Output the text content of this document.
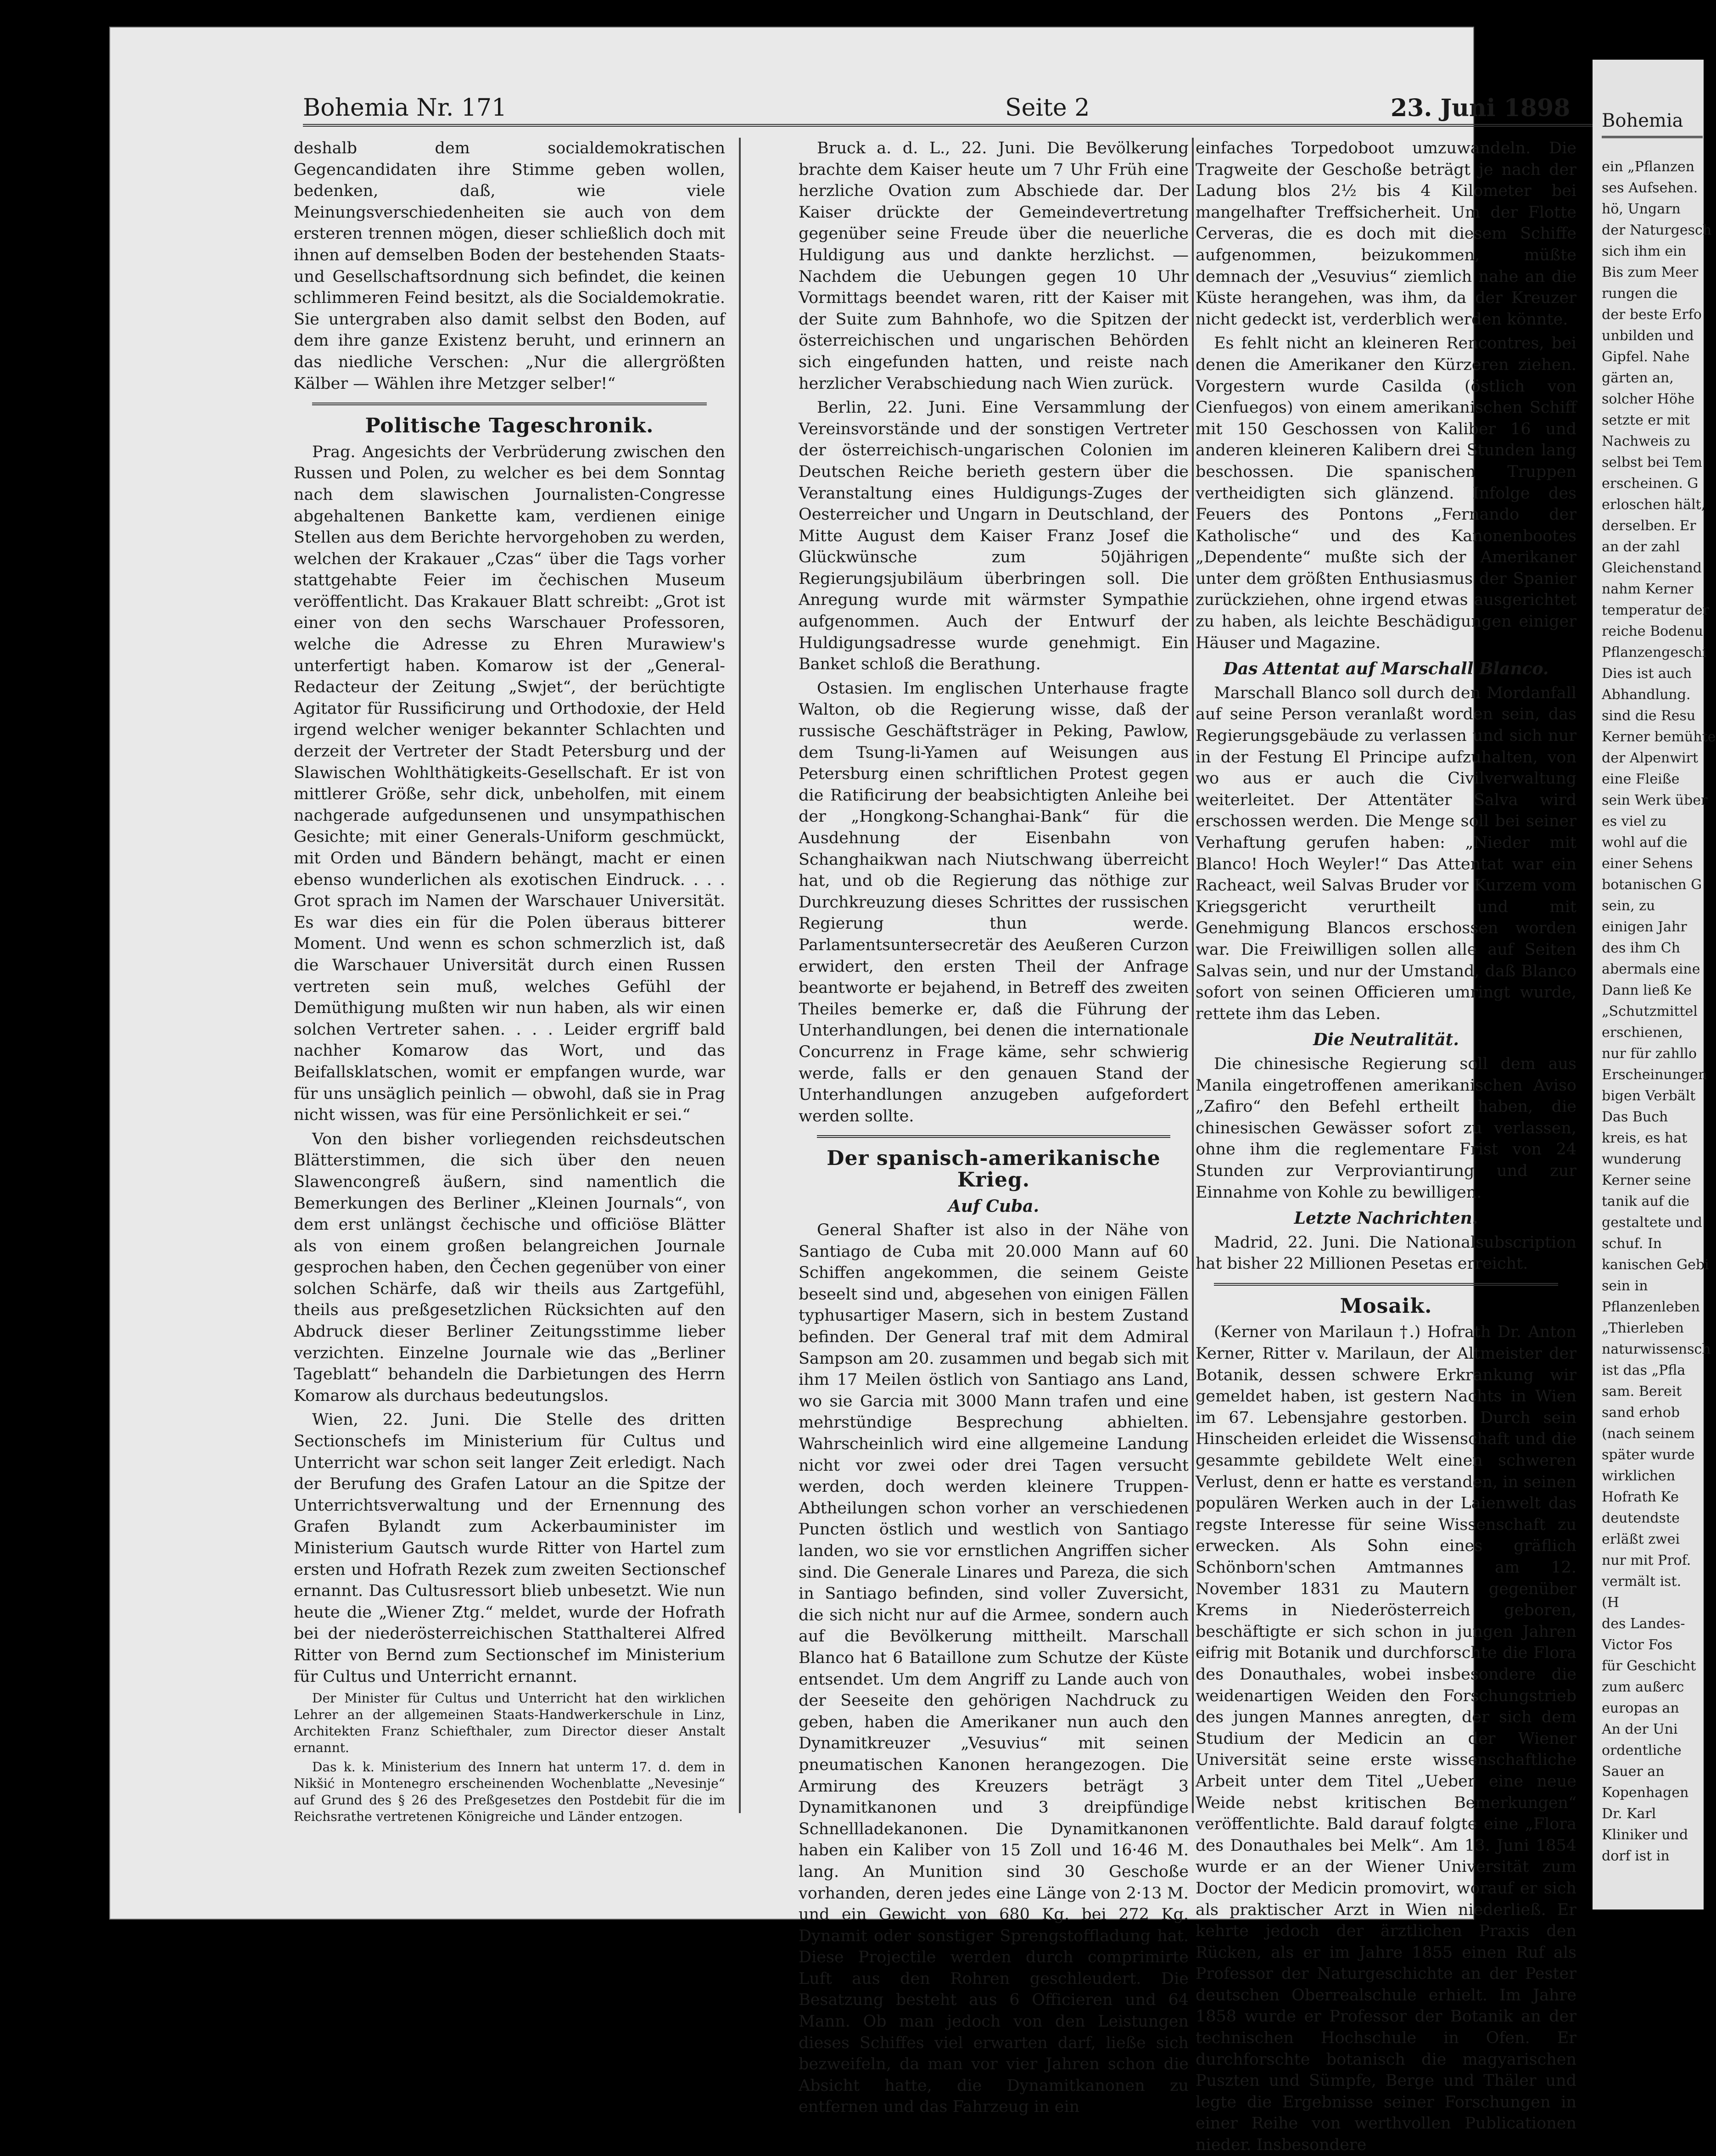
Bohemia Nr. 171	Seite 2	23. Juni 1898

deshalb dem socialdemokratischen Gegencandidaten ihre Stimme geben wollen, bedenken, daß, wie viele Meinungsverschiedenheiten sie auch von dem ersteren trennen mögen, dieser schließlich doch mit ihnen auf demselben Boden der bestehenden Staats- und Gesellschaftsordnung sich befindet, die keinen schlimmeren Feind besitzt, als die Socialdemokratie. Sie untergraben also damit selbst den Boden, auf dem ihre ganze Existenz beruht, und erinnern an das niedliche Verschen: „Nur die allergrößten Kälber — Wählen ihre Metzger selber!“

Politische Tageschronik.

Prag. Angesichts der Verbrüderung zwischen den Russen und Polen, zu welcher es bei dem Sonntag nach dem slawischen Journalisten-Congresse abgehaltenen Bankette kam, verdienen einige Stellen aus dem Berichte hervorgehoben zu werden, welchen der Krakauer „Czas“ über die Tags vorher stattgehabte Feier im čechischen Museum veröffentlicht. Das Krakauer Blatt schreibt: „Grot ist einer von den sechs Warschauer Professoren, welche die Adresse zu Ehren Murawiew's unterfertigt haben. Komarow ist der „General-Redacteur der Zeitung „Swjet“, der berüchtigte Agitator für Russificirung und Orthodoxie, der Held irgend welcher weniger bekannter Schlachten und derzeit der Vertreter der Stadt Petersburg und der Slawischen Wohlthätigkeits-Gesellschaft. Er ist von mittlerer Größe, sehr dick, unbeholfen, mit einem nachgerade aufgedunsenen und unsympathischen Gesichte; mit einer Generals-Uniform geschmückt, mit Orden und Bändern behängt, macht er einen ebenso wunderlichen als exotischen Eindruck. . . . Grot sprach im Namen der Warschauer Universität. Es war dies ein für die Polen überaus bitterer Moment. Und wenn es schon schmerzlich ist, daß die Warschauer Universität durch einen Russen vertreten sein muß, welches Gefühl der Demüthigung mußten wir nun haben, als wir einen solchen Vertreter sahen. . . . Leider ergriff bald nachher Komarow das Wort, und das Beifallsklatschen, womit er empfangen wurde, war für uns unsäglich peinlich — obwohl, daß sie in Prag nicht wissen, was für eine Persönlichkeit er sei.“

Von den bisher vorliegenden reichsdeutschen Blätterstimmen, die sich über den neuen Slawencongreß äußern, sind namentlich die Bemerkungen des Berliner „Kleinen Journals“, von dem erst unlängst čechische und officiöse Blätter als von einem großen belangreichen Journale gesprochen haben, den Čechen gegenüber von einer solchen Schärfe, daß wir theils aus Zartgefühl, theils aus preßgesetzlichen Rücksichten auf den Abdruck dieser Berliner Zeitungsstimme lieber verzichten. Einzelne Journale wie das „Berliner Tageblatt“ behandeln die Darbietungen des Herrn Komarow als durchaus bedeutungslos.

Wien, 22. Juni. Die Stelle des dritten Sectionschefs im Ministerium für Cultus und Unterricht war schon seit langer Zeit erledigt. Nach der Berufung des Grafen Latour an die Spitze der Unterrichtsverwaltung und der Ernennung des Grafen Bylandt zum Ackerbauminister im Ministerium Gautsch wurde Ritter von Hartel zum ersten und Hofrath Rezek zum zweiten Sectionschef ernannt. Das Cultusressort blieb unbesetzt. Wie nun heute die „Wiener Ztg.“ meldet, wurde der Hofrath bei der niederösterreichischen Statthalterei Alfred Ritter von Bernd zum Sectionschef im Ministerium für Cultus und Unterricht ernannt.

Der Minister für Cultus und Unterricht hat den wirklichen Lehrer an der allgemeinen Staats-Handwerkerschule in Linz, Architekten Franz Schiefthaler, zum Director dieser Anstalt ernannt.

Das k. k. Ministerium des Innern hat unterm 17. d. dem in Nikšić in Montenegro erscheinenden Wochenblatte „Nevesinje“ auf Grund des § 26 des Preßgesetzes den Postdebit für die im Reichsrathe vertretenen Königreiche und Länder entzogen.

Bruck a. d. L., 22. Juni. Die Bevölkerung brachte dem Kaiser heute um 7 Uhr Früh eine herzliche Ovation zum Abschiede dar. Der Kaiser drückte der Gemeindevertretung gegenüber seine Freude über die neuerliche Huldigung aus und dankte herzlichst. — Nachdem die Uebungen gegen 10 Uhr Vormittags beendet waren, ritt der Kaiser mit der Suite zum Bahnhofe, wo die Spitzen der österreichischen und ungarischen Behörden sich eingefunden hatten, und reiste nach herzlicher Verabschiedung nach Wien zurück.

Berlin, 22. Juni. Eine Versammlung der Vereinsvorstände und der sonstigen Vertreter der österreichisch-ungarischen Colonien im Deutschen Reiche berieth gestern über die Veranstaltung eines Huldigungs-Zuges der Oesterreicher und Ungarn in Deutschland, der Mitte August dem Kaiser Franz Josef die Glückwünsche zum 50jährigen Regierungsjubiläum überbringen soll. Die Anregung wurde mit wärmster Sympathie aufgenommen. Auch der Entwurf der Huldigungsadresse wurde genehmigt. Ein Banket schloß die Berathung.

Ostasien. Im englischen Unterhause fragte Walton, ob die Regierung wisse, daß der russische Geschäftsträger in Peking, Pawlow, dem Tsung-li-Yamen auf Weisungen aus Petersburg einen schriftlichen Protest gegen die Ratificirung der beabsichtigten Anleihe bei der „Hongkong-Schanghai-Bank“ für die Ausdehnung der Eisenbahn von Schanghaikwan nach Niutschwang überreicht hat, und ob die Regierung das nöthige zur Durchkreuzung dieses Schrittes der russischen Regierung thun werde. Parlamentsuntersecretär des Aeußeren Curzon erwidert, den ersten Theil der Anfrage beantworte er bejahend, in Betreff des zweiten Theiles bemerke er, daß die Führung der Unterhandlungen, bei denen die internationale Concurrenz in Frage käme, sehr schwierig werde, falls er den genauen Stand der Unterhandlungen anzugeben aufgefordert werden sollte.

Der spanisch-amerikanische Krieg.
Auf Cuba.

General Shafter ist also in der Nähe von Santiago de Cuba mit 20.000 Mann auf 60 Schiffen angekommen, die seinem Geiste beseelt sind und, abgesehen von einigen Fällen typhusartiger Masern, sich in bestem Zustand befinden. Der General traf mit dem Admiral Sampson am 20. zusammen und begab sich mit ihm 17 Meilen östlich von Santiago ans Land, wo sie Garcia mit 3000 Mann trafen und eine mehrstündige Besprechung abhielten. Wahrscheinlich wird eine allgemeine Landung nicht vor zwei oder drei Tagen versucht werden, doch werden kleinere Truppen-Abtheilungen schon vorher an verschiedenen Puncten östlich und westlich von Santiago landen, wo sie vor ernstlichen Angriffen sicher sind. Die Generale Linares und Pareza, die sich in Santiago befinden, sind voller Zuversicht, die sich nicht nur auf die Armee, sondern auch auf die Bevölkerung mittheilt. Marschall Blanco hat 6 Bataillone zum Schutze der Küste entsendet. Um dem Angriff zu Lande auch von der Seeseite den gehörigen Nachdruck zu geben, haben die Amerikaner nun auch den Dynamitkreuzer „Vesuvius“ mit seinen pneumatischen Kanonen herangezogen. Die Armirung des Kreuzers beträgt 3 Dynamitkanonen und 3 dreipfündige Schnellladekanonen. Die Dynamitkanonen haben ein Kaliber von 15 Zoll und 16·46 M. lang. An Munition sind 30 Geschoße vorhanden, deren jedes eine Länge von 2·13 M. und ein Gewicht von 680 Kg. bei 272 Kg. Dynamit oder sonstiger Sprengstoffladung hat. Diese Projectile werden durch comprimirte Luft aus den Rohren geschleudert. Die Besatzung besteht aus 6 Officieren und 64 Mann. Ob man jedoch von den Leistungen dieses Schiffes viel erwarten darf, ließe sich bezweifeln, da man vor vier Jahren schon die Absicht hatte, die Dynamitkanonen zu entfernen und das Fahrzeug in ein

einfaches Torpedoboot umzuwandeln. Die Tragweite der Geschoße beträgt je nach der Ladung blos 2½ bis 4 Kilometer bei mangelhafter Treffsicherheit. Um der Flotte Cerveras, die es doch mit diesem Schiffe aufgenommen, beizukommen, müßte demnach der „Vesuvius“ ziemlich nahe an die Küste herangehen, was ihm, da der Kreuzer nicht gedeckt ist, verderblich werden könnte.

Es fehlt nicht an kleineren Rencontres, bei denen die Amerikaner den Kürzeren ziehen. Vorgestern wurde Casilda (östlich von Cienfuegos) von einem amerikanischen Schiff mit 150 Geschossen von Kaliber 16 und anderen kleineren Kalibern drei Stunden lang beschossen. Die spanischen Truppen vertheidigten sich glänzend. Infolge des Feuers des Pontons „Fernando der Katholische“ und des Kanonenbootes „Dependente“ mußte sich der Amerikaner unter dem größten Enthusiasmus der Spanier zurückziehen, ohne irgend etwas ausgerichtet zu haben, als leichte Beschädigungen einiger Häuser und Magazine.

Das Attentat auf Marschall Blanco.

Marschall Blanco soll durch den Mordanfall auf seine Person veranlaßt worden sein, das Regierungsgebäude zu verlassen und sich nur in der Festung El Principe aufzuhalten, von wo aus er auch die Civilverwaltung weiterleitet. Der Attentäter Salva wird erschossen werden. Die Menge soll bei seiner Verhaftung gerufen haben: „Nieder mit Blanco! Hoch Weyler!“ Das Attentat war ein Racheact, weil Salvas Bruder vor Kurzem vom Kriegsgericht verurtheilt und mit Genehmigung Blancos erschossen worden war. Die Freiwilligen sollen alle auf Seiten Salvas sein, und nur der Umstand, daß Blanco sofort von seinen Officieren umringt wurde, rettete ihm das Leben.

Die Neutralität.

Die chinesische Regierung soll dem aus Manila eingetroffenen amerikanischen Aviso „Zafiro“ den Befehl ertheilt haben, die chinesischen Gewässer sofort zu verlassen, ohne ihm die reglementare Frist von 24 Stunden zur Verproviantirung und zur Einnahme von Kohle zu bewilligen.

Letzte Nachrichten.

Madrid, 22. Juni. Die Nationalsubscription hat bisher 22 Millionen Pesetas erreicht.

Mosaik.

(Kerner von Marilaun †.) Hofrath Dr. Anton Kerner, Ritter v. Marilaun, der Altmeister der Botanik, dessen schwere Erkrankung wir gemeldet haben, ist gestern Nachts in Wien im 67. Lebensjahre gestorben. Durch sein Hinscheiden erleidet die Wissenschaft und die gesammte gebildete Welt einen schweren Verlust, denn er hatte es verstanden, in seinen populären Werken auch in der Laienwelt das regste Interesse für seine Wissenschaft zu erwecken. Als Sohn eines gräflich Schönborn'schen Amtmannes am 12. November 1831 zu Mautern gegenüber Krems in Niederösterreich geboren, beschäftigte er sich schon in jungen Jahren eifrig mit Botanik und durchforschte die Flora des Donauthales, wobei insbesondere die weidenartigen Weiden den Forschungstrieb des jungen Mannes anregten, der sich dem Studium der Medicin an der Wiener Universität seine erste wissenschaftliche Arbeit unter dem Titel „Ueber eine neue Weide nebst kritischen Bemerkungen“ veröffentlichte. Bald darauf folgte eine „Flora des Donauthales bei Melk“. Am 13. Juni 1854 wurde er an der Wiener Universität zum Doctor der Medicin promovirt, worauf er sich als praktischer Arzt in Wien niederließ. Er kehrte jedoch der ärztlichen Praxis den Rücken, als er im Jahre 1855 einen Ruf als Professor der Naturgeschichte an der Pester deutschen Oberrealschule erhielt. Im Jahre 1858 wurde er Professor der Botanik an der technischen Hochschule in Ofen. Er durchforschte botanisch die magyarischen Puszten und Sümpfe, Berge und Thäler und legte die Ergebnisse seiner Forschungen in einer Reihe von werthvollen Publicationen nieder. Insbesondere

Bohemia
ein „Pflanzen
ses Aufsehen.
hö, Ungarn
der Naturgesch
sich ihm ein
Bis zum Meer
rungen die
der beste Erfo
unbilden und
Gipfel. Nahe
gärten an,
solcher Höhe
setzte er mit
Nachweis zu
selbst bei Tem
erscheinen. G
erloschen hält,
derselben. Er
an der zahl
Gleichenstand
nahm Kerner
temperatur der
reiche Bodenu
Pflanzengeschi
Dies ist auch
Abhandlung.
sind die Resu
Kerner bemühte
der Alpenwirt
eine Fleiße
sein Werk über
es viel zu
wohl auf die
einer Sehens
botanischen G
sein, zu
einigen Jahr
des ihm Ch
abermals eine
Dann ließ Ke
„Schutzmittel
erschienen,
nur für zahllo
Erscheinungen
bigen Verbält
Das Buch
kreis, es hat
wunderung
Kerner seine
tanik auf die
gestaltete und
schuf. In
kanischen Gebi
sein in
Pflanzenleben
„Thierleben
naturwissensch
ist das „Pfla
sam. Bereit
sand erhob
(nach seinem
später wurde
wirklichen
Hofrath Ke
deutendste
erläßt zwei
nur mit Prof.
vermält ist.
(H
des Landes-
Victor Fos
für Geschicht
zum außerc
europas an
An der Uni
ordentliche
Sauer an
Kopenhagen
Dr. Karl
Kliniker und
dorf ist in
